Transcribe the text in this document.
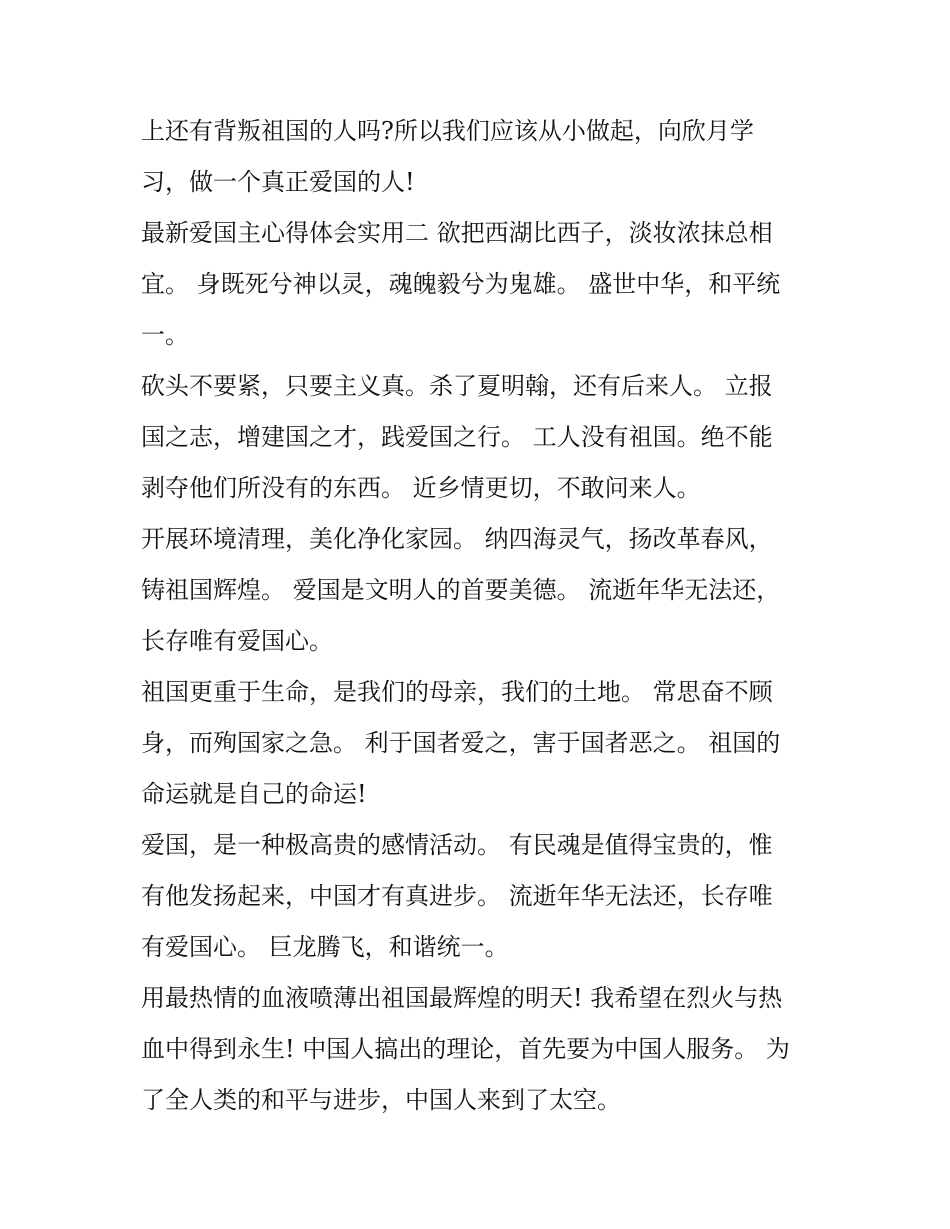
上还有背叛祖国的人吗?所以我们应该从小做起，向欣月学
习，做一个真正爱国的人!
最新爱国主心得体会实用二 欲把西湖比西子，淡妆浓抹总相
宜。 身既死兮神以灵，魂魄毅兮为鬼雄。 盛世中华，和平统
一。
砍头不要紧，只要主义真。杀了夏明翰，还有后来人。 立报
国之志，增建国之才，践爱国之行。 工人没有祖国。绝不能
剥夺他们所没有的东西。 近乡情更切，不敢问来人。
开展环境清理，美化净化家园。 纳四海灵气，扬改革春风，
铸祖国辉煌。 爱国是文明人的首要美德。 流逝年华无法还，
长存唯有爱国心。
祖国更重于生命，是我们的母亲，我们的土地。 常思奋不顾
身，而殉国家之急。 利于国者爱之，害于国者恶之。 祖国的
命运就是自己的命运!
爱国，是一种极高贵的感情活动。 有民魂是值得宝贵的，惟
有他发扬起来，中国才有真进步。 流逝年华无法还，长存唯
有爱国心。 巨龙腾飞，和谐统一。
用最热情的血液喷薄出祖国最辉煌的明天! 我希望在烈火与热
血中得到永生! 中国人搞出的理论，首先要为中国人服务。 为
了全人类的和平与进步，中国人来到了太空。
